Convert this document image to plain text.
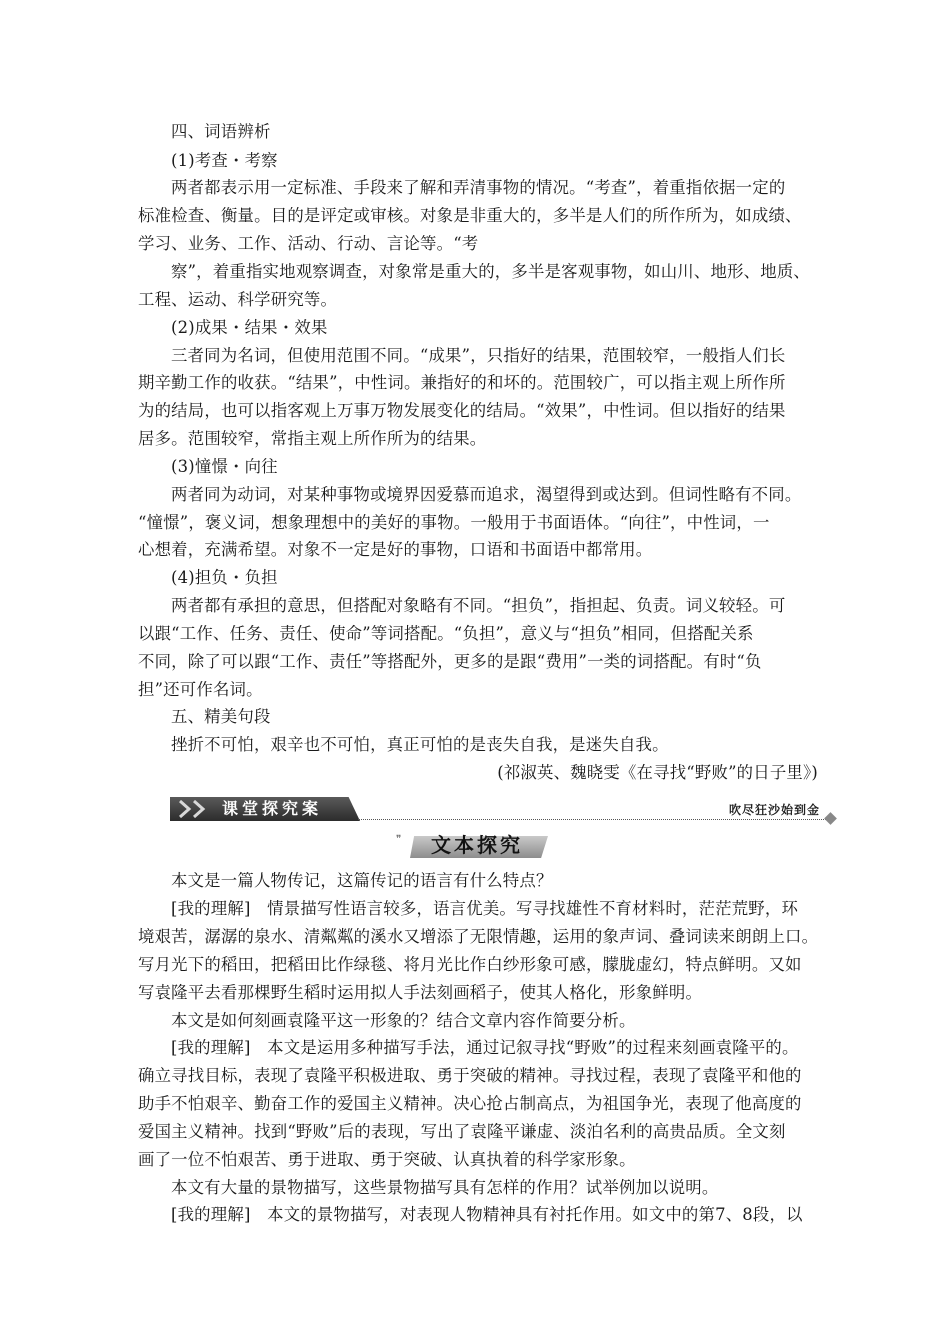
四、词语辨析
(1)考查・考察
两者都表示用一定标准、手段来了解和弄清事物的情况。“考查”，着重指依据一定的
标准检查、衡量。目的是评定或审核。对象是非重大的，多半是人们的所作所为，如成绩、
学习、业务、工作、活动、行动、言论等。“考
察”，着重指实地观察调查，对象常是重大的，多半是客观事物，如山川、地形、地质、
工程、运动、科学研究等。
(2)成果・结果・效果
三者同为名词，但使用范围不同。“成果”，只指好的结果，范围较窄，一般指人们长
期辛勤工作的收获。“结果”，中性词。兼指好的和坏的。范围较广，可以指主观上所作所
为的结局，也可以指客观上万事万物发展变化的结局。“效果”，中性词。但以指好的结果
居多。范围较窄，常指主观上所作所为的结果。
(3)憧憬・向往
两者同为动词，对某种事物或境界因爱慕而追求，渴望得到或达到。但词性略有不同。
“憧憬”，褒义词，想象理想中的美好的事物。一般用于书面语体。“向往”，中性词，一
心想着，充满希望。对象不一定是好的事物，口语和书面语中都常用。
(4)担负・负担
两者都有承担的意思，但搭配对象略有不同。“担负”，指担起、负责。词义较轻。可
以跟“工作、任务、责任、使命”等词搭配。“负担”，意义与“担负”相同，但搭配关系
不同，除了可以跟“工作、责任”等搭配外，更多的是跟“费用”一类的词搭配。有时“负
担”还可作名词。
五、精美句段
挫折不可怕，艰辛也不可怕，真正可怕的是丧失自我，是迷失自我。
(祁淑英、魏晓雯《在寻找“野败”的日子里》)
课堂探究案	吹尽狂沙始到金
❞	文本探究
本文是一篇人物传记，这篇传记的语言有什么特点？
[我的理解]　情景描写性语言较多，语言优美。写寻找雄性不育材料时，茫茫荒野，环
境艰苦，潺潺的泉水、清粼粼的溪水又增添了无限情趣，运用的象声词、叠词读来朗朗上口。
写月光下的稻田，把稻田比作绿毯、将月光比作白纱形象可感，朦胧虚幻，特点鲜明。又如
写袁隆平去看那棵野生稻时运用拟人手法刻画稻子，使其人格化，形象鲜明。
本文是如何刻画袁隆平这一形象的？结合文章内容作简要分析。
[我的理解]　本文是运用多种描写手法，通过记叙寻找“野败”的过程来刻画袁隆平的。
确立寻找目标，表现了袁隆平积极进取、勇于突破的精神。寻找过程，表现了袁隆平和他的
助手不怕艰辛、勤奋工作的爱国主义精神。决心抢占制高点，为祖国争光，表现了他高度的
爱国主义精神。找到“野败”后的表现，写出了袁隆平谦虚、淡泊名利的高贵品质。全文刻
画了一位不怕艰苦、勇于进取、勇于突破、认真执着的科学家形象。
本文有大量的景物描写，这些景物描写具有怎样的作用？试举例加以说明。
[我的理解]　本文的景物描写，对表现人物精神具有衬托作用。如文中的第7、8段，以
